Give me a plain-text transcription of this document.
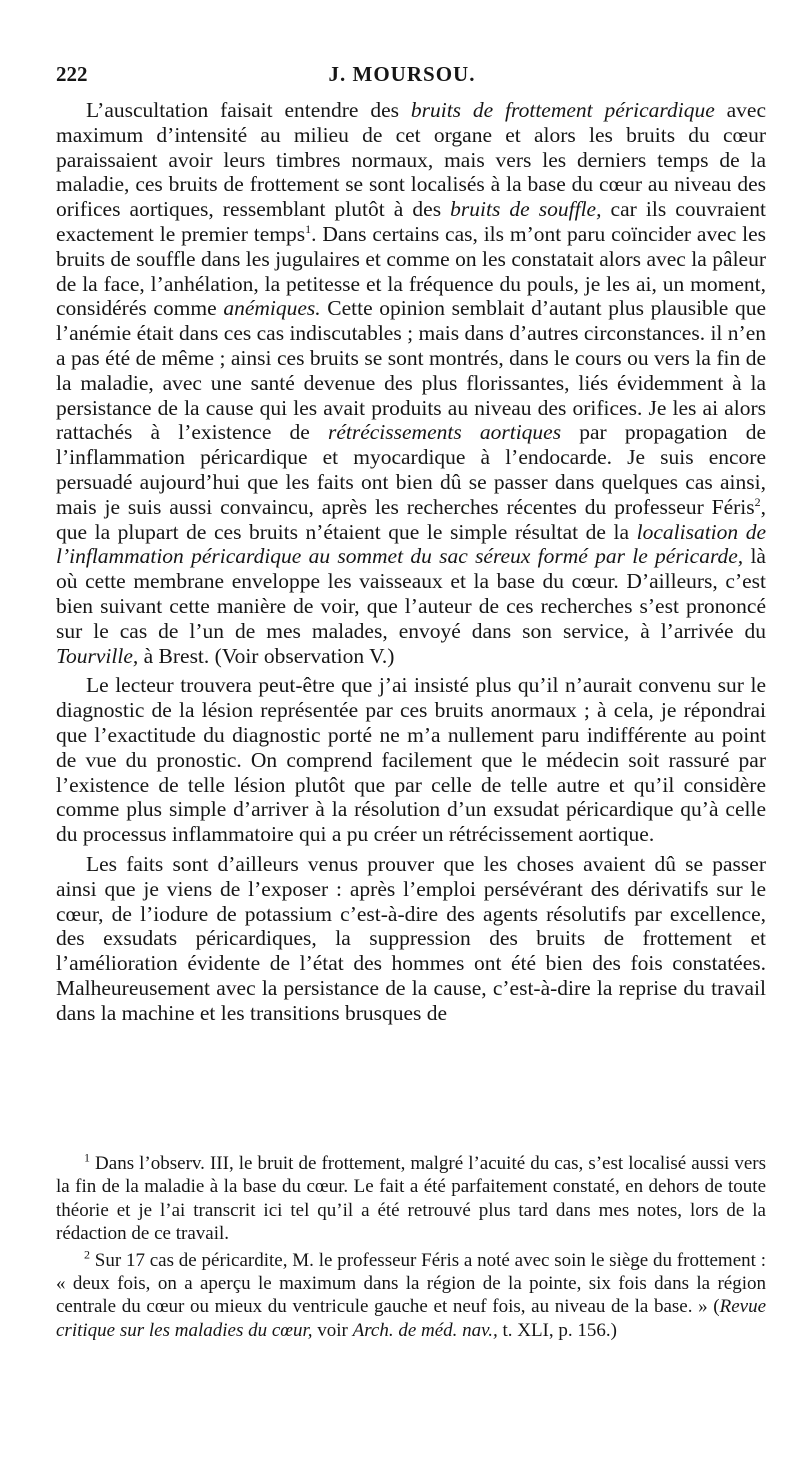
222	J. MOURSOU.

L’auscultation faisait entendre des bruits de frottement péricardique avec maximum d’intensité au milieu de cet organe et alors les bruits du cœur paraissaient avoir leurs timbres normaux, mais vers les derniers temps de la maladie, ces bruits de frottement se sont localisés à la base du cœur au niveau des orifices aortiques, ressemblant plutôt à des bruits de souffle, car ils couvraient exactement le premier temps$^1$. Dans certains cas, ils m’ont paru coïncider avec les bruits de souffle dans les jugulaires et comme on les constatait alors avec la pâleur de la face, l’anhélation, la petitesse et la fréquence du pouls, je les ai, un moment, considérés comme anémiques. Cette opinion semblait d’autant plus plausible que l’anémie était dans ces cas indiscutables ; mais dans d’autres circonstances. il n’en a pas été de même ; ainsi ces bruits se sont montrés, dans le cours ou vers la fin de la maladie, avec une santé devenue des plus florissantes, liés évidemment à la persistance de la cause qui les avait produits au niveau des orifices. Je les ai alors rattachés à l’existence de rétrécissements aortiques par propagation de l’inflammation péricardique et myocardique à l’endocarde. Je suis encore persuadé aujourd’hui que les faits ont bien dû se passer dans quelques cas ainsi, mais je suis aussi convaincu, après les recherches récentes du professeur Féris$^2$, que la plupart de ces bruits n’étaient que le simple résultat de la localisation de l’inflammation péricardique au sommet du sac séreux formé par le péricarde, là où cette membrane enveloppe les vaisseaux et la base du cœur. D’ailleurs, c’est bien suivant cette manière de voir, que l’auteur de ces recherches s’est prononcé sur le cas de l’un de mes malades, envoyé dans son service, à l’arrivée du Tourville, à Brest. (Voir observation V.)

Le lecteur trouvera peut-être que j’ai insisté plus qu’il n’aurait convenu sur le diagnostic de la lésion représentée par ces bruits anormaux ; à cela, je répondrai que l’exactitude du diagnostic porté ne m’a nullement paru indifférente au point de vue du pronostic. On comprend facilement que le médecin soit rassuré par l’existence de telle lésion plutôt que par celle de telle autre et qu’il considère comme plus simple d’arriver à la résolution d’un exsudat péricardique qu’à celle du processus inflammatoire qui a pu créer un rétrécissement aortique.

Les faits sont d’ailleurs venus prouver que les choses avaient dû se passer ainsi que je viens de l’exposer : après l’emploi persévérant des dérivatifs sur le cœur, de l’iodure de potassium c’est-à-dire des agents résolutifs par excellence, des exsudats péricardiques, la suppression des bruits de frottement et l’amélioration évidente de l’état des hommes ont été bien des fois constatées. Malheureusement avec la persistance de la cause, c’est-à-dire la reprise du travail dans la machine et les transitions brusques de

$^1$ Dans l’observ. III, le bruit de frottement, malgré l’acuité du cas, s’est localisé aussi vers la fin de la maladie à la base du cœur. Le fait a été parfaitement constaté, en dehors de toute théorie et je l’ai transcrit ici tel qu’il a été retrouvé plus tard dans mes notes, lors de la rédaction de ce travail.

$^2$ Sur 17 cas de péricardite, M. le professeur Féris a noté avec soin le siège du frottement : « deux fois, on a aperçu le maximum dans la région de la pointe, six fois dans la région centrale du cœur ou mieux du ventricule gauche et neuf fois, au niveau de la base. » (Revue critique sur les maladies du cœur, voir Arch. de méd. nav., t. XLI, p. 156.)
